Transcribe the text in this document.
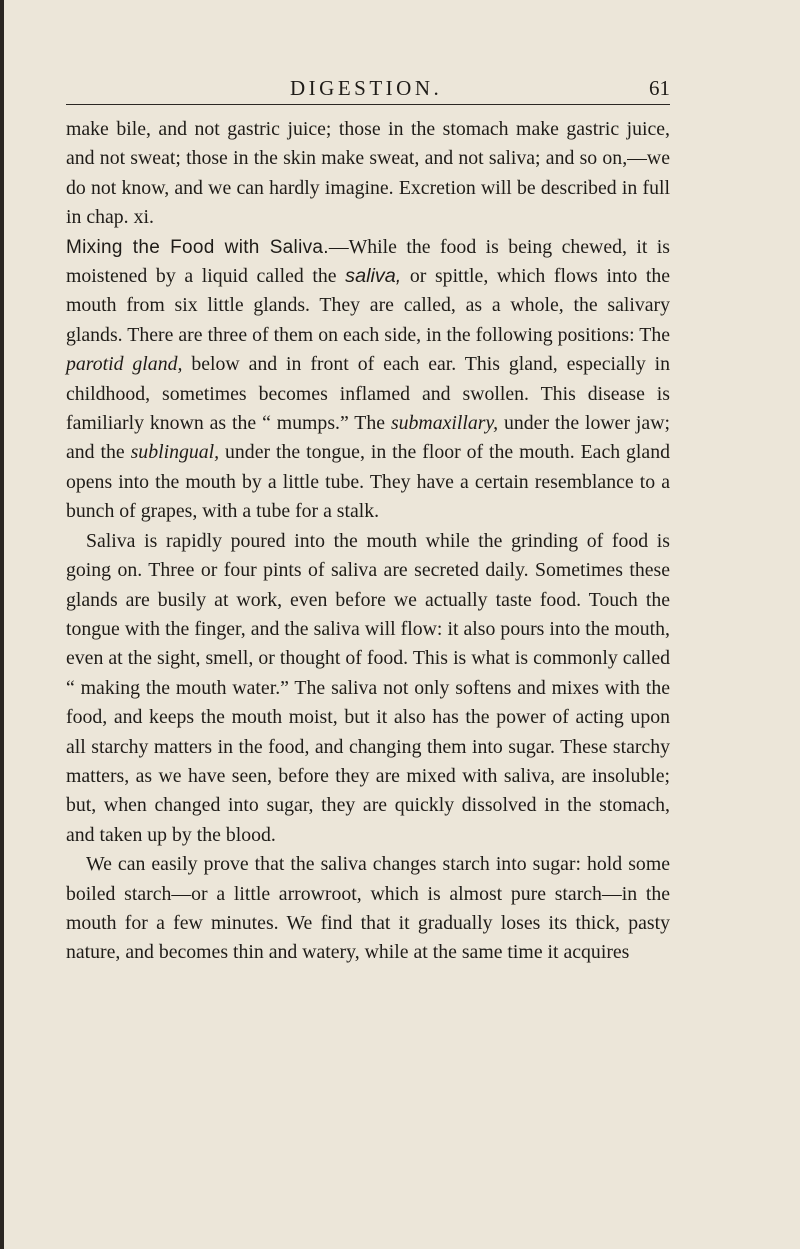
DIGESTION.	61

make bile, and not gastric juice; those in the stomach make gastric juice, and not sweat; those in the skin make sweat, and not saliva; and so on,—we do not know, and we can hardly imagine. Excretion will be described in full in chap. xi.

Mixing the Food with Saliva.—While the food is being chewed, it is moistened by a liquid called the saliva, or spittle, which flows into the mouth from six little glands. They are called, as a whole, the salivary glands. There are three of them on each side, in the following positions: The parotid gland, below and in front of each ear. This gland, especially in childhood, sometimes becomes inflamed and swollen. This disease is familiarly known as the “ mumps.” The submaxillary, under the lower jaw; and the sublingual, under the tongue, in the floor of the mouth. Each gland opens into the mouth by a little tube. They have a certain resemblance to a bunch of grapes, with a tube for a stalk.

Saliva is rapidly poured into the mouth while the grinding of food is going on. Three or four pints of saliva are secreted daily. Sometimes these glands are busily at work, even before we actually taste food. Touch the tongue with the finger, and the saliva will flow: it also pours into the mouth, even at the sight, smell, or thought of food. This is what is commonly called “ making the mouth water.” The saliva not only softens and mixes with the food, and keeps the mouth moist, but it also has the power of acting upon all starchy matters in the food, and changing them into sugar. These starchy matters, as we have seen, before they are mixed with saliva, are insoluble; but, when changed into sugar, they are quickly dissolved in the stomach, and taken up by the blood.

We can easily prove that the saliva changes starch into sugar: hold some boiled starch—or a little arrowroot, which is almost pure starch—in the mouth for a few minutes. We find that it gradually loses its thick, pasty nature, and becomes thin and watery, while at the same time it acquires
